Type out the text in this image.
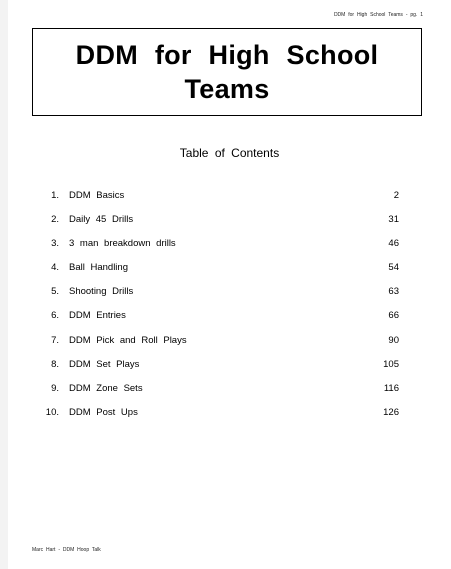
DDM for High School Teams - pg. 1
DDM for High School Teams
Table of Contents
1. DDM Basics	2
2. Daily 45 Drills	31
3. 3 man breakdown drills	46
4. Ball Handling	54
5. Shooting Drills	63
6. DDM Entries	66
7. DDM Pick and Roll Plays	90
8. DDM Set Plays	105
9. DDM Zone Sets	116
10. DDM Post Ups	126
Marc Hart - DDM Hoop Talk
